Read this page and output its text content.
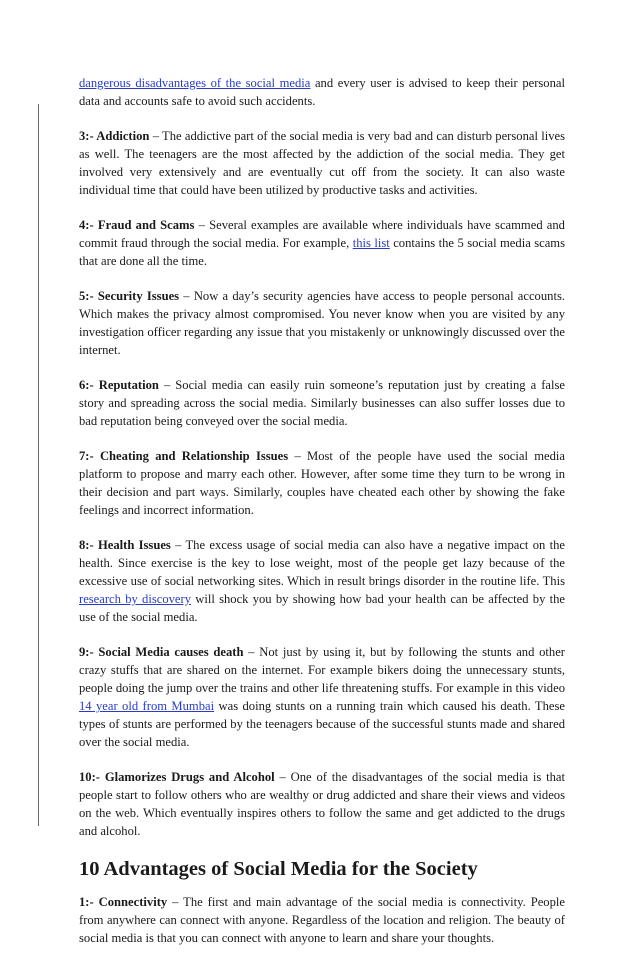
dangerous disadvantages of the social media and every user is advised to keep their personal data and accounts safe to avoid such accidents.

3:- Addiction – The addictive part of the social media is very bad and can disturb personal lives as well. The teenagers are the most affected by the addiction of the social media. They get involved very extensively and are eventually cut off from the society. It can also waste individual time that could have been utilized by productive tasks and activities.

4:- Fraud and Scams – Several examples are available where individuals have scammed and commit fraud through the social media. For example, this list contains the 5 social media scams that are done all the time.

5:- Security Issues – Now a day’s security agencies have access to people personal accounts. Which makes the privacy almost compromised. You never know when you are visited by any investigation officer regarding any issue that you mistakenly or unknowingly discussed over the internet.

6:- Reputation – Social media can easily ruin someone’s reputation just by creating a false story and spreading across the social media. Similarly businesses can also suffer losses due to bad reputation being conveyed over the social media.

7:- Cheating and Relationship Issues – Most of the people have used the social media platform to propose and marry each other. However, after some time they turn to be wrong in their decision and part ways. Similarly, couples have cheated each other by showing the fake feelings and incorrect information.

8:- Health Issues – The excess usage of social media can also have a negative impact on the health. Since exercise is the key to lose weight, most of the people get lazy because of the excessive use of social networking sites. Which in result brings disorder in the routine life. This research by discovery will shock you by showing how bad your health can be affected by the use of the social media.

9:- Social Media causes death – Not just by using it, but by following the stunts and other crazy stuffs that are shared on the internet. For example bikers doing the unnecessary stunts, people doing the jump over the trains and other life threatening stuffs. For example in this video 14 year old from Mumbai was doing stunts on a running train which caused his death. These types of stunts are performed by the teenagers because of the successful stunts made and shared over the social media.

10:- Glamorizes Drugs and Alcohol – One of the disadvantages of the social media is that people start to follow others who are wealthy or drug addicted and share their views and videos on the web. Which eventually inspires others to follow the same and get addicted to the drugs and alcohol.

10 Advantages of Social Media for the Society

1:- Connectivity – The first and main advantage of the social media is connectivity. People from anywhere can connect with anyone. Regardless of the location and religion. The beauty of social media is that you can connect with anyone to learn and share your thoughts.
